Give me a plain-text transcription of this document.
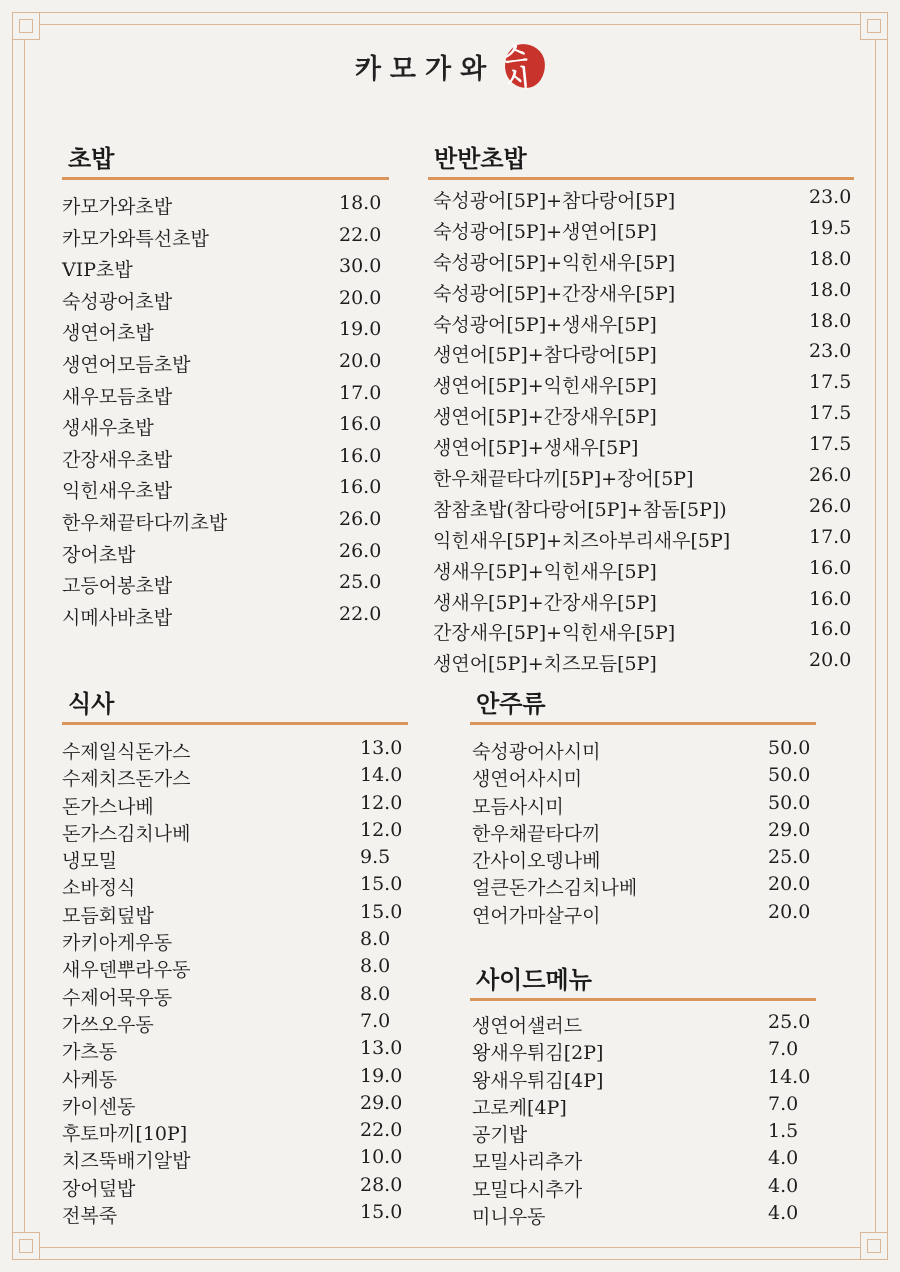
카모가와 스시
초밥
카모가와초밥	18.0
카모가와특선초밥	22.0
VIP초밥	30.0
숙성광어초밥	20.0
생연어초밥	19.0
생연어모듬초밥	20.0
새우모듬초밥	17.0
생새우초밥	16.0
간장새우초밥	16.0
익힌새우초밥	16.0
한우채끝타다끼초밥	26.0
장어초밥	26.0
고등어봉초밥	25.0
시메사바초밥	22.0
반반초밥
숙성광어[5P]+참다랑어[5P]	23.0
숙성광어[5P]+생연어[5P]	19.5
숙성광어[5P]+익힌새우[5P]	18.0
숙성광어[5P]+간장새우[5P]	18.0
숙성광어[5P]+생새우[5P]	18.0
생연어[5P]+참다랑어[5P]	23.0
생연어[5P]+익힌새우[5P]	17.5
생연어[5P]+간장새우[5P]	17.5
생연어[5P]+생새우[5P]	17.5
한우채끝타다끼[5P]+장어[5P]	26.0
참참초밥(참다랑어[5P]+참돔[5P])	26.0
익힌새우[5P]+치즈아부리새우[5P]	17.0
생새우[5P]+익힌새우[5P]	16.0
생새우[5P]+간장새우[5P]	16.0
간장새우[5P]+익힌새우[5P]	16.0
생연어[5P]+치즈모듬[5P]	20.0
식사
수제일식돈가스	13.0
수제치즈돈가스	14.0
돈가스나베	12.0
돈가스김치나베	12.0
냉모밀	9.5
소바정식	15.0
모듬회덮밥	15.0
카키아게우동	8.0
새우덴뿌라우동	8.0
수제어묵우동	8.0
가쓰오우동	7.0
가츠동	13.0
사케동	19.0
카이센동	29.0
후토마끼[10P]	22.0
치즈뚝배기알밥	10.0
장어덮밥	28.0
전복죽	15.0
안주류
숙성광어사시미	50.0
생연어사시미	50.0
모듬사시미	50.0
한우채끝타다끼	29.0
간사이오뎅나베	25.0
얼큰돈가스김치나베	20.0
연어가마살구이	20.0
사이드메뉴
생연어샐러드	25.0
왕새우튀김[2P]	7.0
왕새우튀김[4P]	14.0
고로케[4P]	7.0
공기밥	1.5
모밀사리추가	4.0
모밀다시추가	4.0
미니우동	4.0
